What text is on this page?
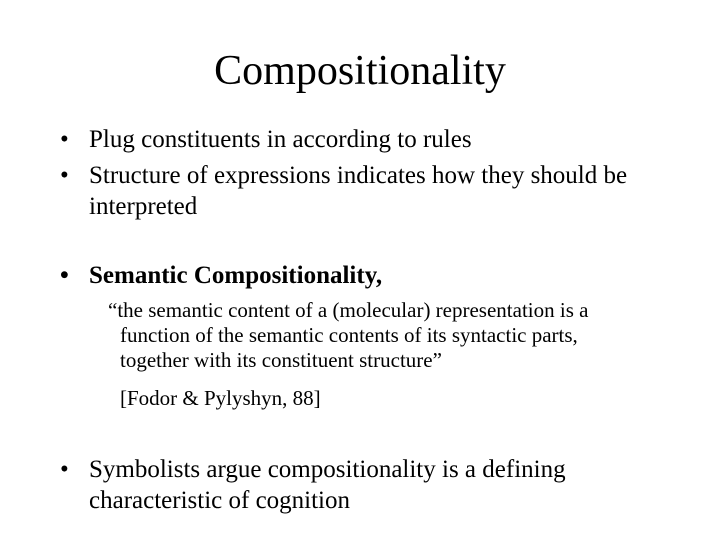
Compositionality
• Plug constituents in according to rules
• Structure of expressions indicates how they should be interpreted
• Semantic Compositionality,
“the semantic content of a (molecular) representation is a
function of the semantic contents of its syntactic parts,
together with its constituent structure”
[Fodor & Pylyshyn, 88]
• Symbolists argue compositionality is a defining characteristic of cognition
